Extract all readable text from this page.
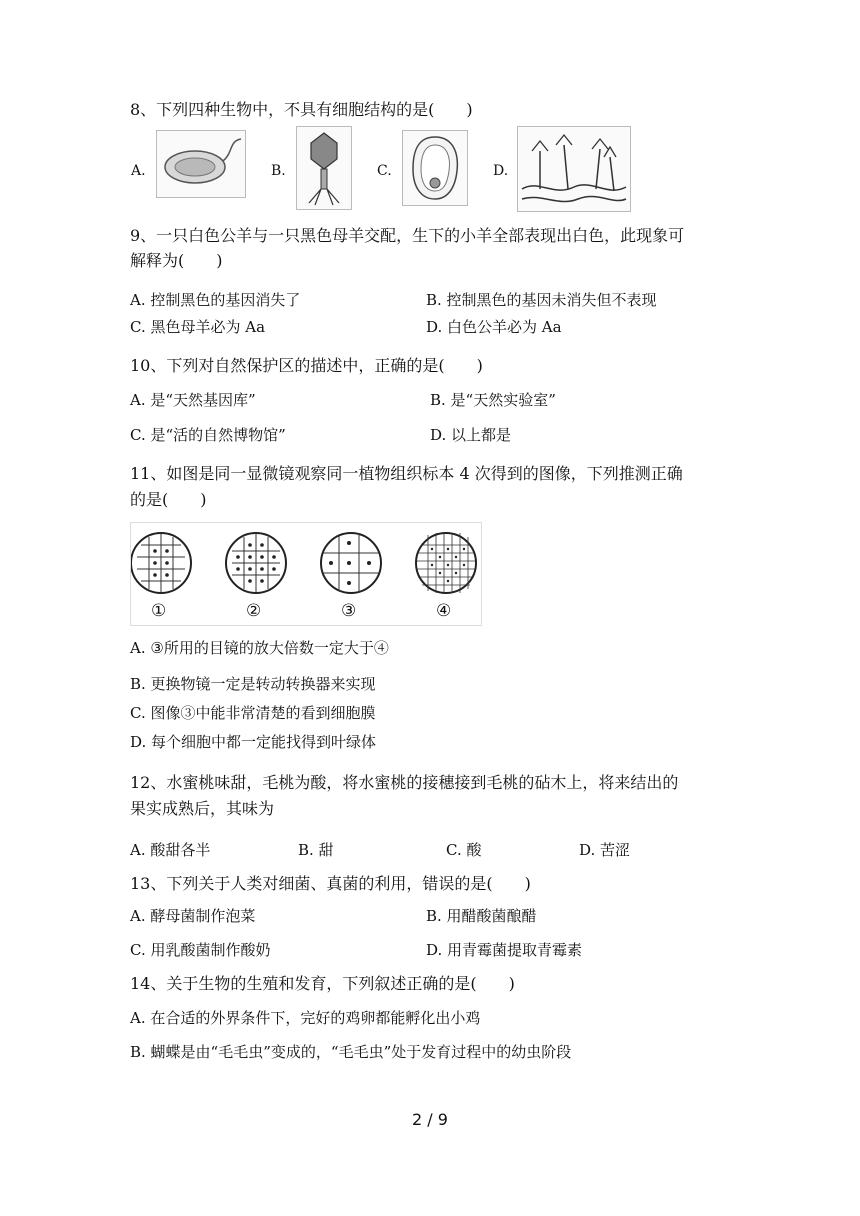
8、下列四种生物中，不具有细胞结构的是(　　)
A.	B.	C.	D.
9、一只白色公羊与一只黑色母羊交配，生下的小羊全部表现出白色，此现象可
解释为(　　)
A. 控制黑色的基因消失了	B. 控制黑色的基因未消失但不表现
C. 黑色母羊必为 Aa	D. 白色公羊必为 Aa
10、下列对自然保护区的描述中，正确的是(　　)
A. 是“天然基因库”	B. 是“天然实验室”
C. 是“活的自然博物馆”	D. 以上都是
11、如图是同一显微镜观察同一植物组织标本 4 次得到的图像，下列推测正确
的是(　　)
①	②	③	④
A. ③所用的目镜的放大倍数一定大于④
B. 更换物镜一定是转动转换器来实现
C. 图像③中能非常清楚的看到细胞膜
D. 每个细胞中都一定能找得到叶绿体
12、水蜜桃味甜，毛桃为酸，将水蜜桃的接穗接到毛桃的砧木上，将来结出的
果实成熟后，其味为
A. 酸甜各半	B. 甜	C. 酸	D. 苦涩
13、下列关于人类对细菌、真菌的利用，错误的是(　　)
A. 酵母菌制作泡菜	B. 用醋酸菌酿醋
C. 用乳酸菌制作酸奶	D. 用青霉菌提取青霉素
14、关于生物的生殖和发育，下列叙述正确的是(　　)
A. 在合适的外界条件下，完好的鸡卵都能孵化出小鸡
B. 蝴蝶是由“毛毛虫”变成的，“毛毛虫”处于发育过程中的幼虫阶段
2 / 9
